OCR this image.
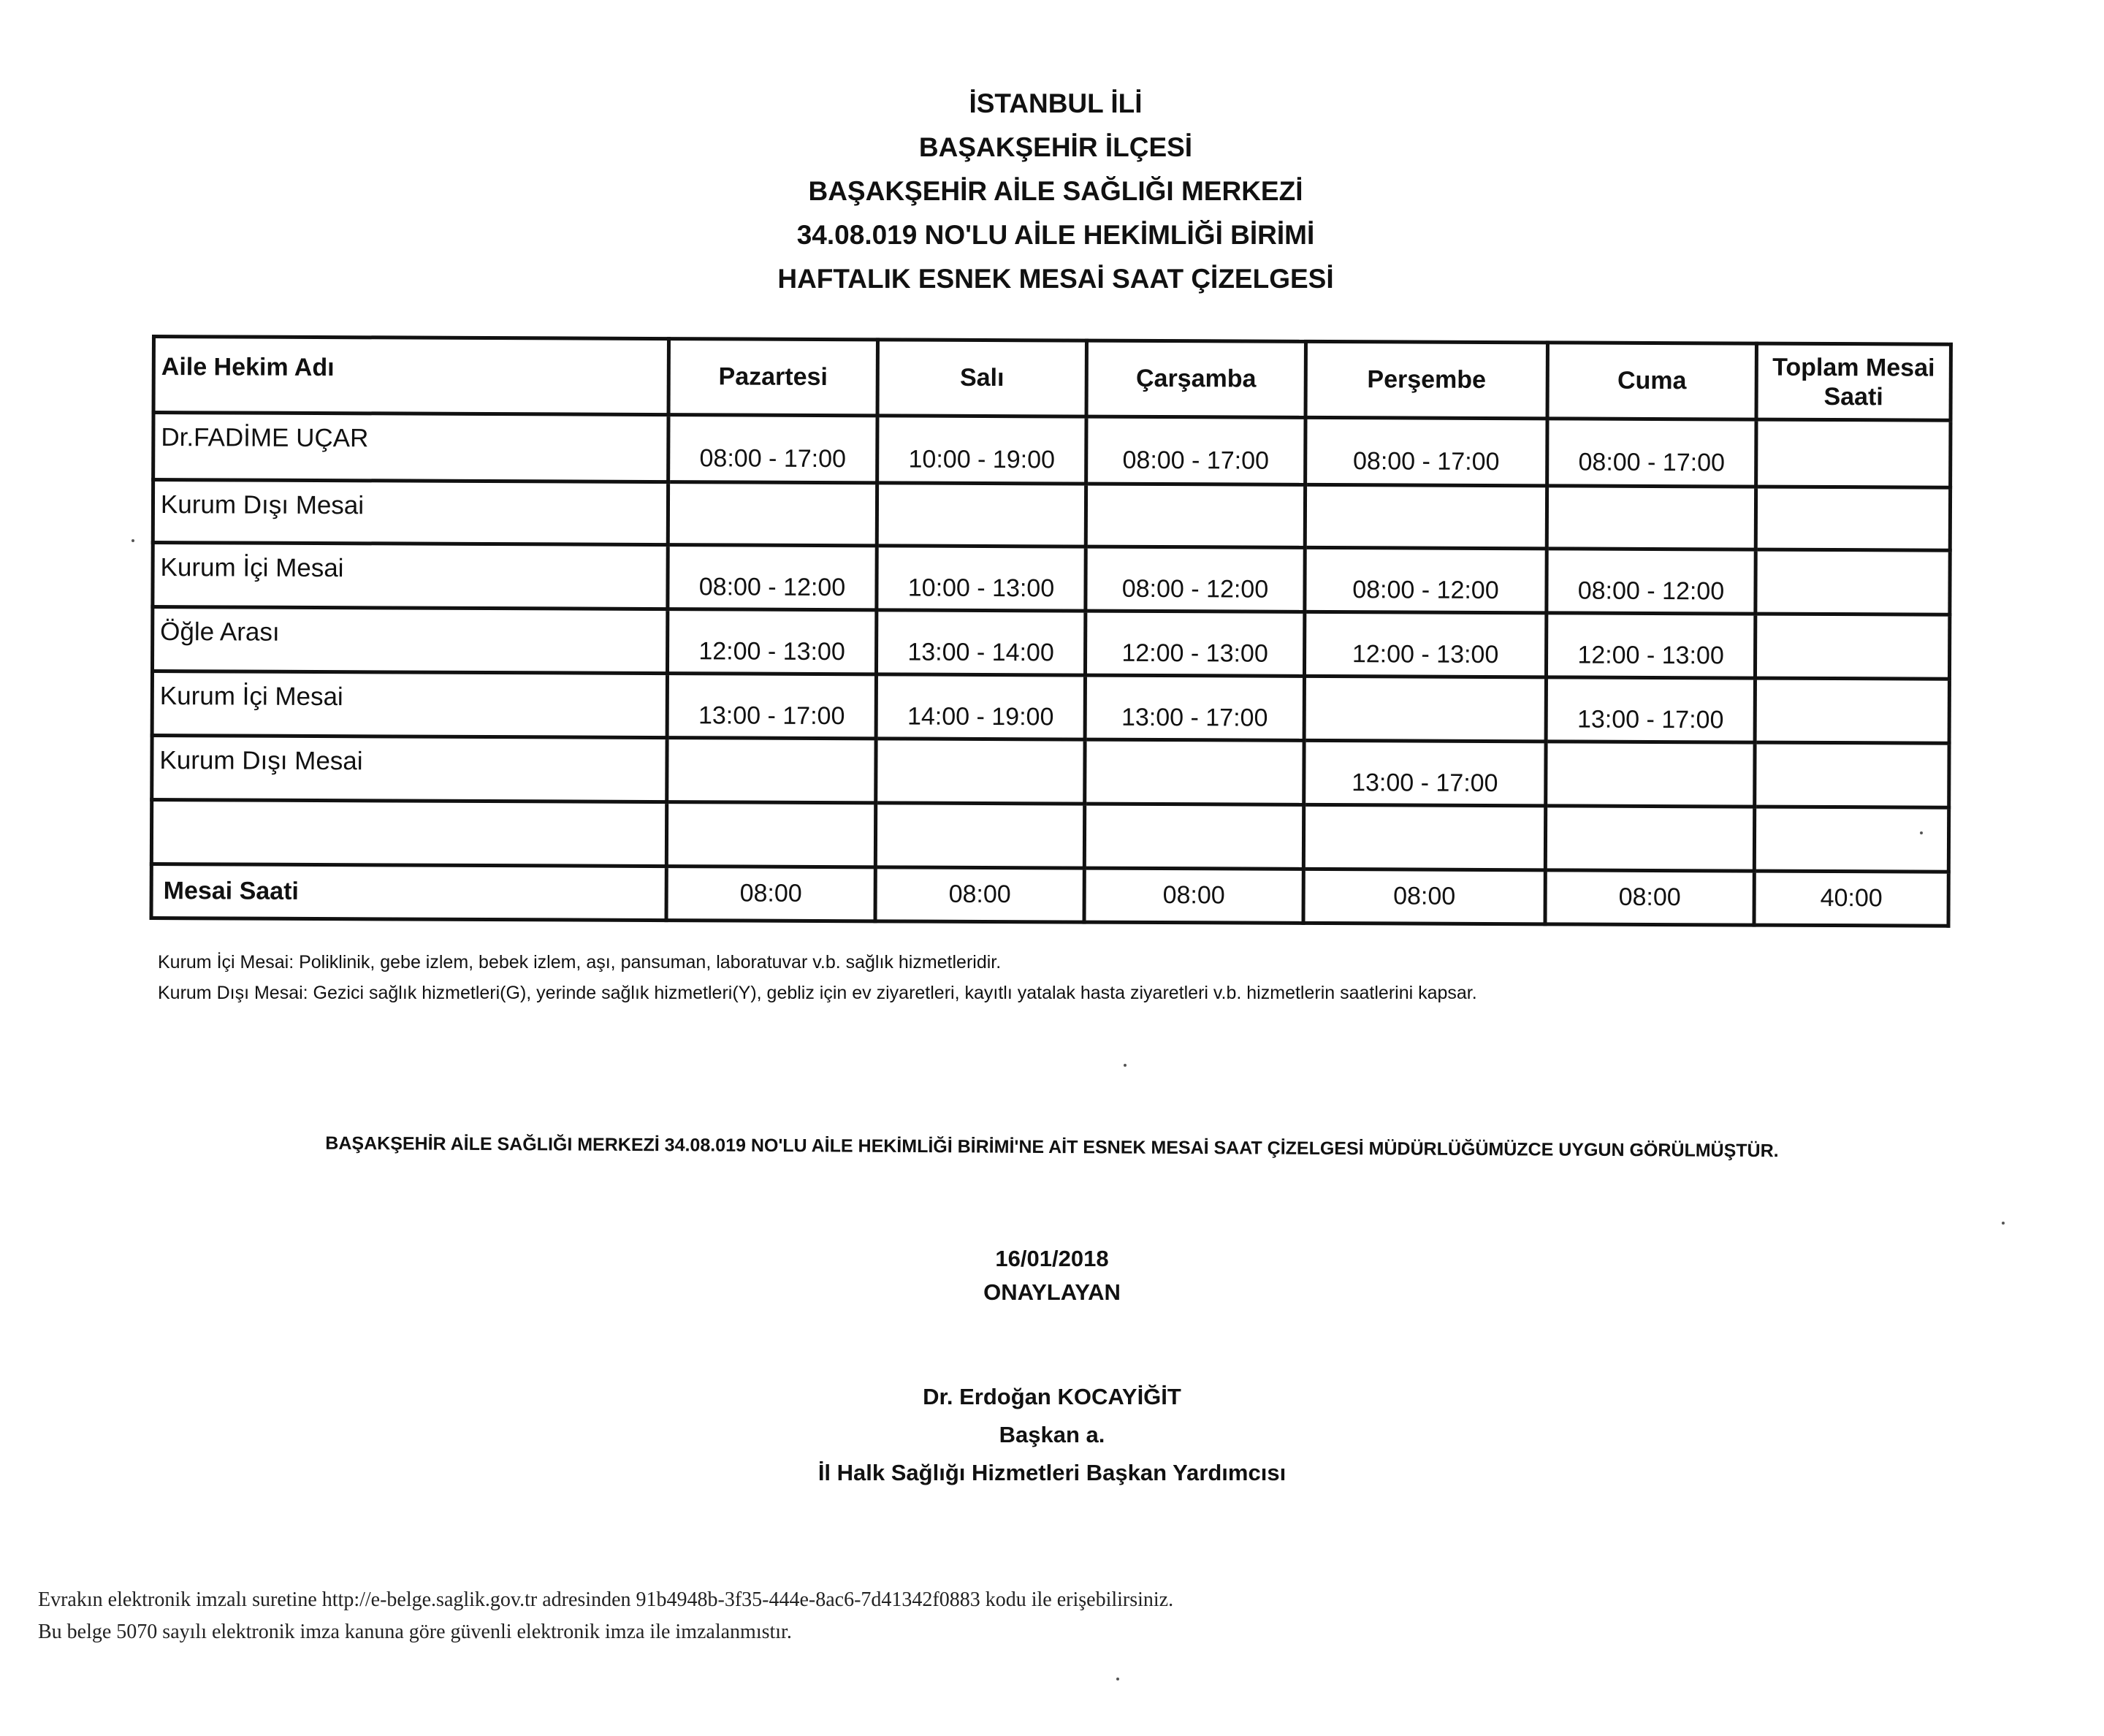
İSTANBUL İLİ

BAŞAKŞEHİR İLÇESİ

BAŞAKŞEHİR AİLE SAĞLIĞI MERKEZİ

34.08.019 NO'LU AİLE HEKİMLİĞİ BİRİMİ

HAFTALIK ESNEK MESAİ SAAT ÇİZELGESİ

Aile Hekim Adı	Pazartesi	Salı	Çarşamba	Perşembe	Cuma	Toplam Mesai Saati
Dr.FADİME UÇAR	08:00 - 17:00	10:00 - 19:00	08:00 - 17:00	08:00 - 17:00	08:00 - 17:00	
Kurum Dışı Mesai						
Kurum İçi Mesai	08:00 - 12:00	10:00 - 13:00	08:00 - 12:00	08:00 - 12:00	08:00 - 12:00	
Öğle Arası	12:00 - 13:00	13:00 - 14:00	12:00 - 13:00	12:00 - 13:00	12:00 - 13:00	
Kurum İçi Mesai	13:00 - 17:00	14:00 - 19:00	13:00 - 17:00		13:00 - 17:00	
Kurum Dışı Mesai				13:00 - 17:00		

Mesai Saati	08:00	08:00	08:00	08:00	08:00	40:00

Kurum İçi Mesai: Poliklinik, gebe izlem, bebek izlem, aşı, pansuman, laboratuvar v.b. sağlık hizmetleridir.

Kurum Dışı Mesai: Gezici sağlık hizmetleri(G), yerinde sağlık hizmetleri(Y), gebliz için ev ziyaretleri, kayıtlı yatalak hasta ziyaretleri v.b. hizmetlerin saatlerini kapsar.

BAŞAKŞEHİR AİLE SAĞLIĞI MERKEZİ 34.08.019 NO'LU AİLE HEKİMLİĞİ BİRİMİ'NE AİT ESNEK MESAİ SAAT ÇİZELGESİ MÜDÜRLÜĞÜMÜZCE UYGUN GÖRÜLMÜŞTÜR.

16/01/2018

ONAYLAYAN

Dr. Erdoğan KOCAYİĞİT

Başkan a.

İl Halk Sağlığı Hizmetleri Başkan Yardımcısı

Evrakın elektronik imzalı suretine http://e-belge.saglik.gov.tr adresinden 91b4948b-3f35-444e-8ac6-7d41342f0883 kodu ile erişebilirsiniz.

Bu belge 5070 sayılı elektronik imza kanuna göre güvenli elektronik imza ile imzalanmıstır.
